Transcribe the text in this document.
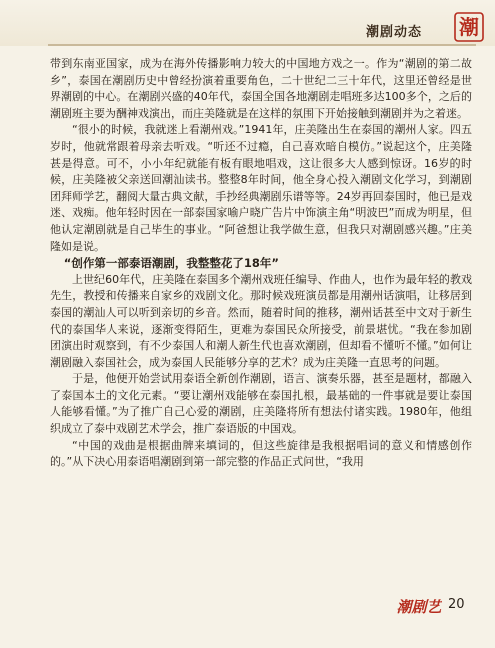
潮剧动态 潮

带到东南亚国家，成为在海外传播影响力较大的中国地方戏之一。作为“潮剧的第二故乡”，泰国在潮剧历史中曾经扮演着重要角色，二十世纪二三十年代，这里还曾经是世界潮剧的中心。在潮剧兴盛的40年代，泰国全国各地潮剧走唱班多达100多个，之后的潮剧班主要为酬神戏演出，而庄美隆就是在这样的氛围下开始接触到潮剧并为之着迷。

“很小的时候，我就迷上看潮州戏。”1941年，庄美隆出生在泰国的潮州人家。四五岁时，他就常跟着母亲去听戏。“听还不过瘾，自己喜欢暗自模仿。”说起这个，庄美隆甚是得意。可不，小小年纪就能有板有眼地唱戏，这让很多大人感到惊讶。16岁的时候，庄美隆被父亲送回潮汕读书。整整8年时间，他全身心投入潮剧文化学习，到潮剧团拜师学艺，翻阅大量古典文献，手抄经典潮剧乐谱等等。24岁再回泰国时，他已是戏迷、戏痴。他年轻时因在一部泰国家喻户晓广告片中饰演主角“明波巴”而成为明星，但他认定潮剧就是自己毕生的事业。“阿爸想让我学做生意，但我只对潮剧感兴趣。”庄美隆如是说。

“创作第一部泰语潮剧，我整整花了18年”

上世纪60年代，庄美隆在泰国多个潮州戏班任编导、作曲人，也作为最年轻的教戏先生，教授和传播来自家乡的戏剧文化。那时候戏班演员都是用潮州话演唱，让移居到泰国的潮汕人可以听到亲切的乡音。然而，随着时间的推移，潮州话甚至中文对于新生代的泰国华人来说，逐渐变得陌生，更难为泰国民众所接受，前景堪忧。“我在参加剧团演出时观察到，有不少泰国人和潮人新生代也喜欢潮剧，但却看不懂听不懂。”如何让潮剧融入泰国社会，成为泰国人民能够分享的艺术？成为庄美隆一直思考的问题。

于是，他便开始尝试用泰语全新创作潮剧，语言、演奏乐器，甚至是题材，都融入了泰国本土的文化元素。“要让潮州戏能够在泰国扎根，最基础的一件事就是要让泰国人能够看懂。”为了推广自己心爱的潮剧，庄美隆将所有想法付诸实践。1980年，他组织成立了泰中戏剧艺术学会，推广泰语版的中国戏。

“中国的戏曲是根据曲牌来填词的，但这些旋律是我根据唱词的意义和情感创作的。”从下决心用泰语唱潮剧到第一部完整的作品正式问世，“我用

潮剧艺 20
